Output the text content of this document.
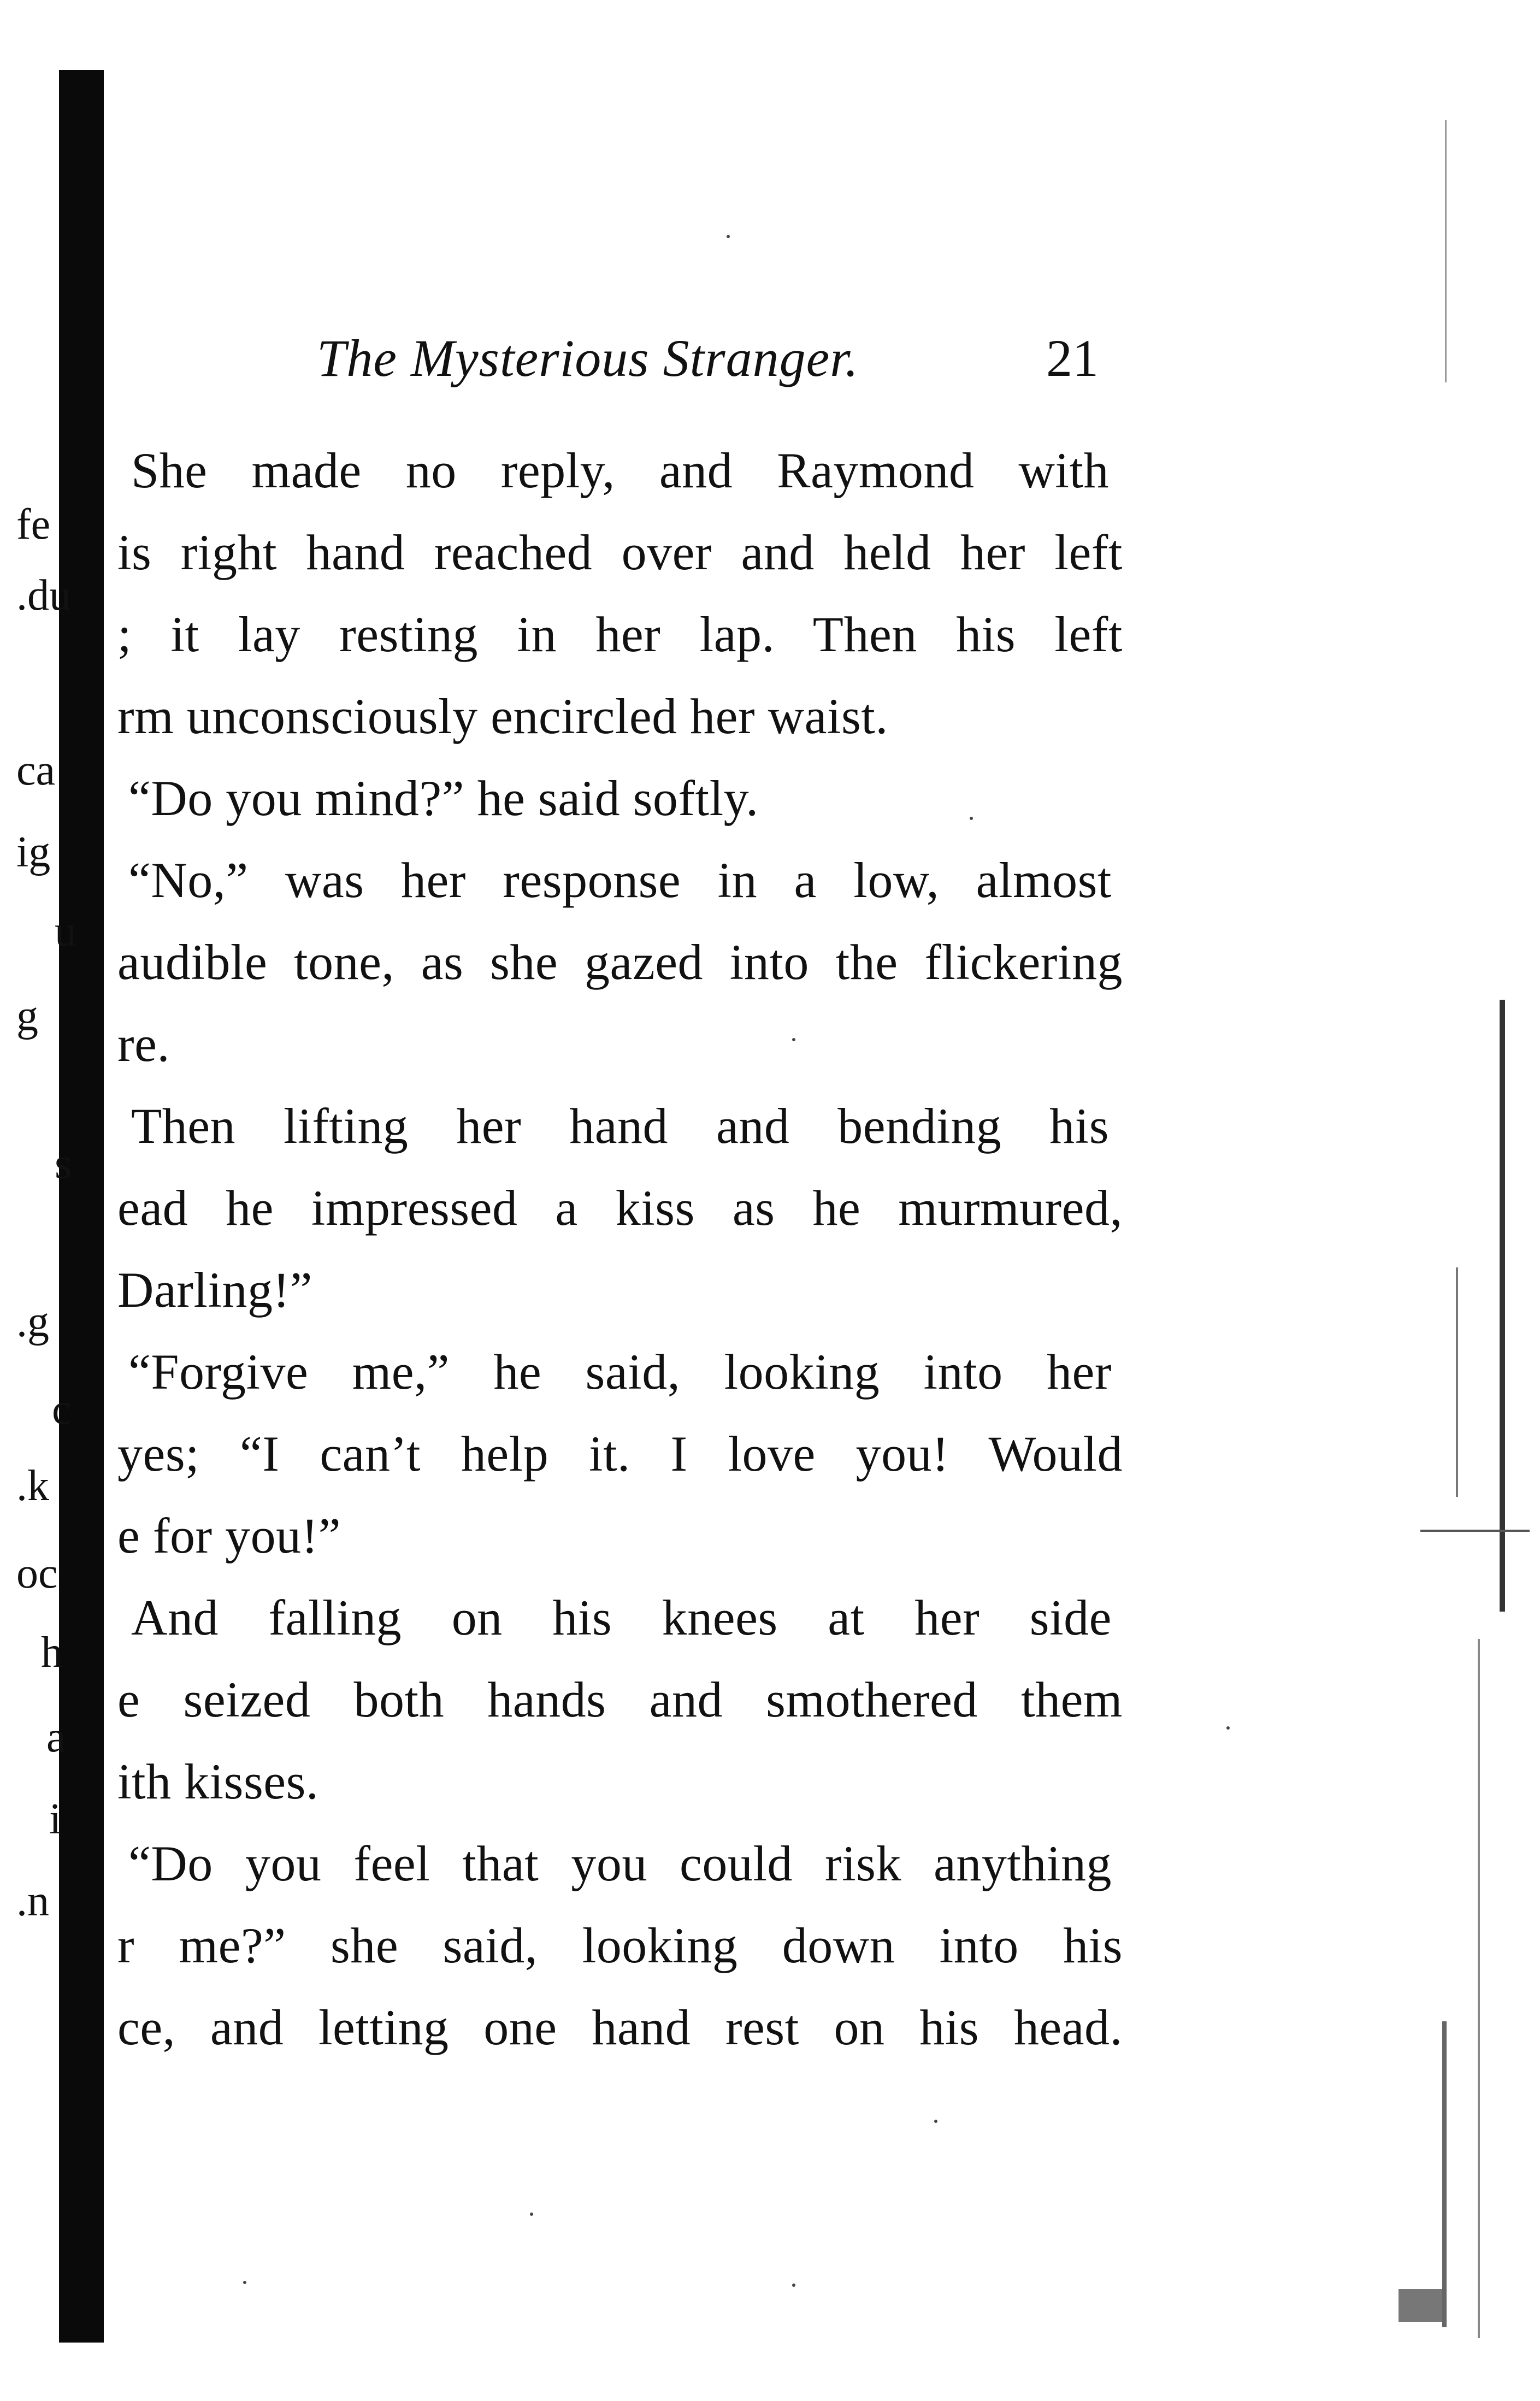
fe
.du
ca
ig
u
g
s
.g
c
.k
oc
h
a
i
.n
The Mysterious Stranger.	21
She made no reply, and Raymond with
is right hand reached over and held her left
; it lay resting in her lap. Then his left
rm unconsciously encircled her waist.
“Do you mind?” he said softly.
“No,” was her response in a low, almost
audible tone, as she gazed into the flickering
re.
Then lifting her hand and bending his
ead he impressed a kiss as he murmured,
Darling!”
“Forgive me,” he said, looking into her
yes; “I can’t help it. I love you! Would
e for you!”
And falling on his knees at her side
e seized both hands and smothered them
ith kisses.
“Do you feel that you could risk anything
r me?” she said, looking down into his
ce, and letting one hand rest on his head.
